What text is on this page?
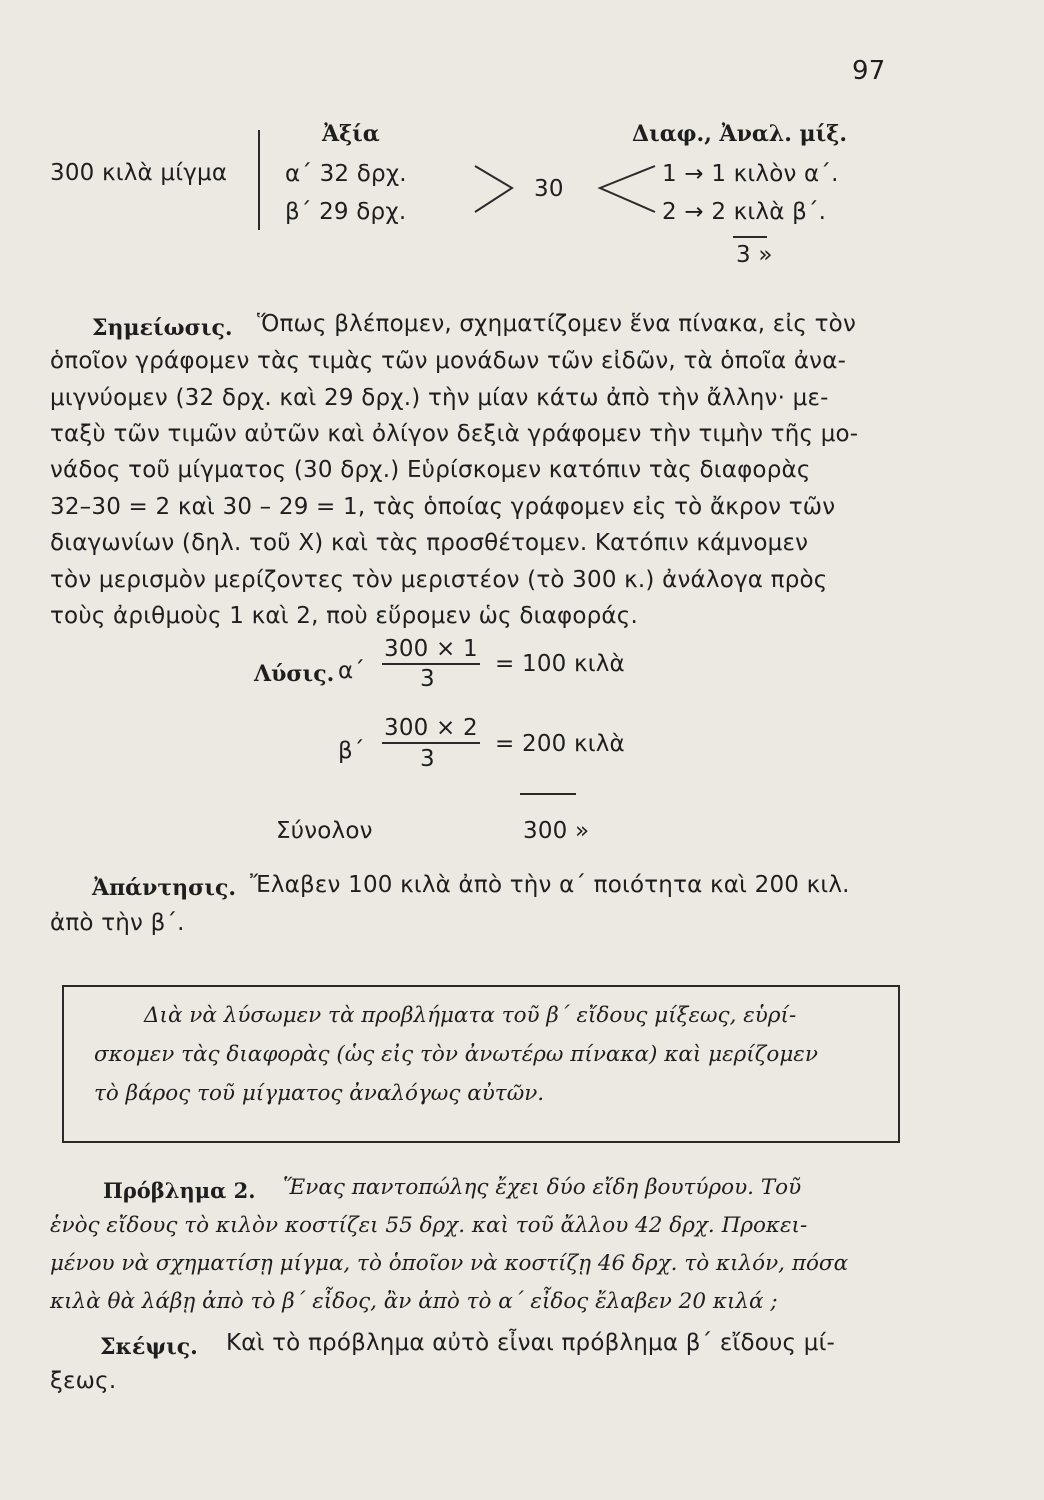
97
300 κιλὰ μίγμα
Ἀξία	Διαφ., Ἀναλ. μίξ.
α΄ 32 δρχ.
β΄ 29 δρχ.
30
1 → 1 κιλὸν α΄.
2 → 2 κιλὰ β΄.
3 »
Σημείωσις. Ὅπως βλέπομεν, σχηματίζομεν ἕνα πίνακα, εἰς τὸν
ὁποῖον γράφομεν τὰς τιμὰς τῶν μονάδων τῶν εἰδῶν, τὰ ὁποῖα ἀνα-
μιγνύομεν (32 δρχ. καὶ 29 δρχ.) τὴν μίαν κάτω ἀπὸ τὴν ἄλλην· με-
ταξὺ τῶν τιμῶν αὐτῶν καὶ ὀλίγον δεξιὰ γράφομεν τὴν τιμὴν τῆς μο-
νάδος τοῦ μίγματος (30 δρχ.) Εὑρίσκομεν κατόπιν τὰς διαφορὰς
32–30 = 2 καὶ 30 – 29 = 1, τὰς ὁποίας γράφομεν εἰς τὸ ἄκρον τῶν
διαγωνίων (δηλ. τοῦ X) καὶ τὰς προσθέτομεν. Κατόπιν κάμνομεν
τὸν μερισμὸν μερίζοντες τὸν μεριστέον (τὸ 300 κ.) ἀνάλογα πρὸς
τοὺς ἀριθμοὺς 1 καὶ 2, ποὺ εὕρομεν ὡς διαφοράς.
Λύσις. α΄
300 × 1
3
= 100 κιλὰ
β΄
300 × 2
3
= 200 κιλὰ
Σύνολον	300 »
Ἀπάντησις. Ἔλαβεν 100 κιλὰ ἀπὸ τὴν α΄ ποιότητα καὶ 200 κιλ.
ἀπὸ τὴν β΄.
Διὰ νὰ λύσωμεν τὰ προβλήματα τοῦ β΄ εἴδους μίξεως, εὑρί-
σκομεν τὰς διαφορὰς (ὡς εἰς τὸν ἀνωτέρω πίνακα) καὶ μερίζομεν
τὸ βάρος τοῦ μίγματος ἀναλόγως αὐτῶν.
Πρόβλημα 2. Ἕνας παντοπώλης ἔχει δύο εἴδη βουτύρου. Τοῦ
ἑνὸς εἴδους τὸ κιλὸν κοστίζει 55 δρχ. καὶ τοῦ ἄλλου 42 δρχ. Προκει-
μένου νὰ σχηματίσῃ μίγμα, τὸ ὁποῖον νὰ κοστίζῃ 46 δρχ. τὸ κιλόν, πόσα
κιλὰ θὰ λάβῃ ἀπὸ τὸ β΄ εἶδος, ἂν ἀπὸ τὸ α΄ εἶδος ἔλαβεν 20 κιλά ;
Σκέψις. Καὶ τὸ πρόβλημα αὐτὸ εἶναι πρόβλημα β΄ εἴδους μί-
ξεως.
